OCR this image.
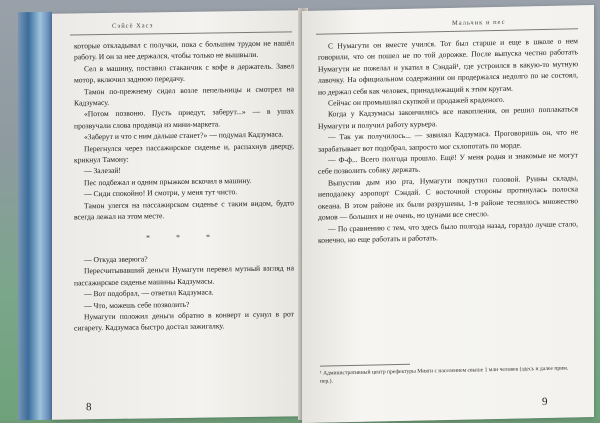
Сэйсё Хасэ

которые откладывал с получки, пока с большим трудом не нашёл работу. И он за нее держался, чтобы только не вышвыли.

Сел в машину, поставил стаканчик с кофе в держатель. Завел мотор, включил заднюю передачу.

Тамон по-прежнему сидел возле пепельницы и смотрел на Кадзумасу.

«Потом позвоню. Пусть приедут, заберут...» — в ушах прозвучали слова продавца из мини-маркета.

«Заберут и что с ним дальше станет?» — подумал Кадзумаса.

Перегнулся через пассажирское сиденье и, распахнув дверцу, крикнул Тамону:

— Залезай!

Пес подбежал и одним прыжком вскочил в машину.

— Сиди спокойно! И смотри, у меня тут чисто.

Тамон улегся на пассажирском сиденье с таким видом, будто всегда лежал на этом месте.

* * *

— Откуда зверюга?

Пересчитывавший деньги Нумагути перевел мутный взгляд на пассажирское сиденье машины Кадзумасы.

— Вот подобрал, — ответил Кадзумаса.

— Что, можешь себе позволить?

Нумагути положил деньги обратно в конверт и сунул в рот сигарету. Кадзумаса быстро достал зажигалку.

8
Мальчик и пес

С Нумагути он вместе учился. Тот был старше и еще в школе о нем говорили, что он пошел не по той дорожке. После выпуска честно работать Нумагути не пожелал и укатил в Сэндай¹, где устроился в какую-то мутную лавочку. На официальном содержании он продержался недолго по не состоял, но держал себя как человек, принадлежащий к этим кругам.

Сейчас он промышлял скупкой и продажей краденого.

Когда у Кадзумасы закончились все накопления, он решил поплакаться Нумагути и получил работу курьера.

— Так уж получилось... — завилял Кадзумаса. Проговоришь он, что не зарабатывает вот подобрал, запросто мог схлопотать по морде.

— Ф-ф... Всего полгода прошло. Ещё! У меня родня и знакомые не могут себе позволить собаку держать.

Выпустив дым изо рта, Нумагути покрутил головой. Руины склады, неподалеку аэропорт Сэндай. С восточной стороны протянулась полоска океана. В этом районе их были разрушены, 1-в районе теснилось множество домов — больших и не очень, но цунами все снесло.

— По сравнению с тем, что здесь было полгода назад, гораздо лучше стало, конечно, но еще работать и работать.

¹ Административный центр префектуры Мияги с населением свыше 1 млн человек (здесь и далее прим. пер.).
9
